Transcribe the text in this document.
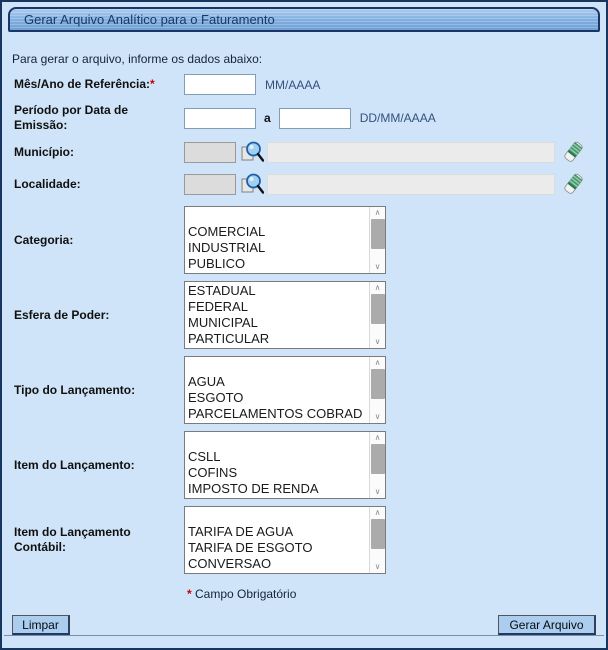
Gerar Arquivo Analítico para o Faturamento
Para gerar o arquivo, informe os dados abaixo:
Mês/Ano de Referência:*	MM/AAAA
Período por Data de Emissão:	a	DD/MM/AAAA
Município:
Localidade:
Categoria:
COMERCIAL
INDUSTRIAL
PUBLICO
∧
∨
Esfera de Poder:
ESTADUAL
FEDERAL
MUNICIPAL
PARTICULAR
∧
∨
Tipo do Lançamento:
AGUA
ESGOTO
PARCELAMENTOS COBRAD
∧
∨
Item do Lançamento:
CSLL
COFINS
IMPOSTO DE RENDA
∧
∨
Item do Lançamento Contábil:
TARIFA DE AGUA
TARIFA DE ESGOTO
CONVERSAO
∧
∨
* Campo Obrigatório
Limpar	Gerar Arquivo
